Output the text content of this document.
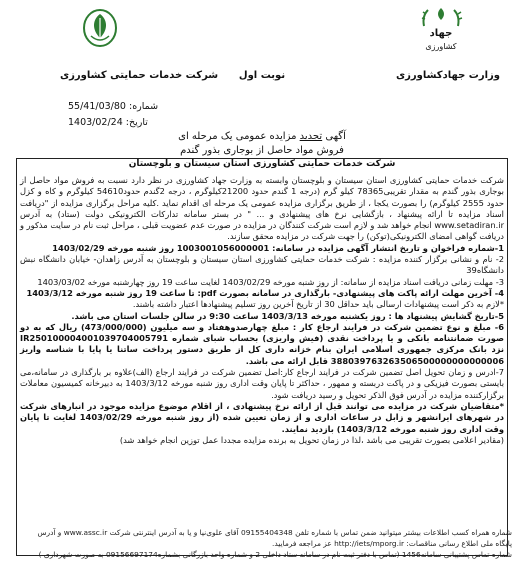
جهاد
کشاورزی
وزارت جهادکشاورزی
نوبت اول
شرکت خدمات حمایتی کشاورزی
شماره: 55/41/03/80
تاریخ: 1403/02/24
آگهی تجدید مزایده عمومی یک مرحله ای
فروش مواد حاصل از بوجاری بذور گندم
شرکت خدمات حمایتی کشاورزی استان سیستان و بلوچستان

شرکت خدمات حمایتی کشاورزی استان سیستان و بلوچستان وابسته به وزارت جهاد کشاورزی در نظر دارد نسبت به فروش مواد حاصل از بوجاری بذور گندم به مقدار تقریبی78365 کیلو گرم (درجه 1 گندم حدود 21200کیلوگرم ، درجه 2گندم حدود54610 کیلوگرم و کاه و کزل حدود 2555 کیلوگرم) را بصورت یکجا ، از طریق برگزاری مزایده عمومی یک مرحله ای اقدام نماید .کلیه مراحل برگزاری مزایده از "دریافت اسناد مزایده تا ارائه پیشنهاد ، بازگشایی نرخ های پیشنهادی و ... " در بستر سامانه تدارکات الکترونیکی دولت (ستاد) به آدرس www.setadiran.ir انجام خواهد شد و لازم است شرکت کنندگان در مزایده در صورت عدم عضویت قبلی ، مراحل ثبت نام در سایت مذکور و دریافت گواهی امضای الکترونیکی(توکن) را جهت شرکت در مزایده محقق سازند.

1-شماره فراخوان و تاریخ انتشار آگهی مزایده در سامانه: 1003001056000001 روز شنبه مورخه 1403/02/29

2- نام و نشانی برگزار کننده مزایده : شرکت خدمات حمایتی کشاورزی استان سیستان و بلوچستان به آدرس زاهدان- خیابان دانشگاه نبش دانشگاه39

3- مهلت زمانی دریافت اسناد مزایده از سامانه: از روز شنبه مورخه 1403/02/29 لغایت ساعت 19 روز چهارشنبه مورخه 1403/03/02

4- آخرین مهلت ارائه پاکت های پیشنهادی- بارگذاری در سامانه بصورت pdf: تا ساعت 19 روز شنبه مورخه 1403/3/12

*لازم به ذکر است پیشنهادات ارسالی باید حداقل 30 از تاریخ آخرین روز تسلیم پیشنهادها اعتبار داشته باشند.

5-تاریخ گشایش پیشنهاد ها : روز یکشنبه مورخه 1403/3/13 ساعت 9:30 در سالن جلسات استان می باشد.

6- مبلغ و نوع تضمین شرکت در فرایند ارجاع کار : مبلغ چهارصدوهفتاد و سه میلیون (473/000/000) ریال که به دو صورت ضمانتنامه بانکی و یا پرداخت نقدی (فیش واریزی) بحساب شبای شماره IR250100004001039704005791 نزد بانک مرکزی جمهوری اسلامی ایران بنام خزانه داری کل از طریق دستور پرداخت ساتنا یا پایا با شناسه واریز 388039763263506500000000000006 قابل ارائه می باشد.

7-ادرس و زمان تحویل اصل تضمین شرکت در فرایند ارجاع کار:اصل تضمین شرکت در فرایند ارجاع (الف)علاوه بر بارگذاری در سامانه،می بایستی بصورت فیزیکی و در پاکت دربسته و ممهور ، حداکثر تا پایان وقت اداری روز شنبه مورخه 1403/3/12 به دبیرخانه کمیسیون معاملات برگزارکننده مزایده در آدرس فوق الذکر تحویل و رسید دریافت شود.

*متقاضیان شرکت در مزایده می توانند قبل از ارائه نرخ پیشنهادی ، از اقلام موضوع مزایده موجود در انبارهای شرکت در شهرهای ایرانشهر و زابل در ساعات اداری و از زمان تعیین شده (از روز شنبه مورخه 1403/02/29 لغایت تا پایان وقت اداری روز شنبه مورخه 1403/3/12) بازدید نمایند.

(مقادیر اعلامی بصورت تقریبی می باشد ،لذا در زمان تحویل به برنده مزایده مجددا عمل توزین انجام خواهد شد)

شماره همراه کسب اطلاعات بیشتر میتوانید ضمن تماس با شماره تلفن 09155404348 آقای علوی‌نیا و یا به آدرس اینترنتی شرکت www.assc.ir و آدرس
پایگاه ملی اطلاع رسانی مناقصات: http://iets/mporg.ir عز مراجعه فرمایید.
شماره تماس پشتیبانی سامانه1456 (تماس با دفتر ثبت نام در سامانه ستاد داخلی 2 و شماره واحد بازرگانی بشماره09156697174 به صورت شهرداری )
